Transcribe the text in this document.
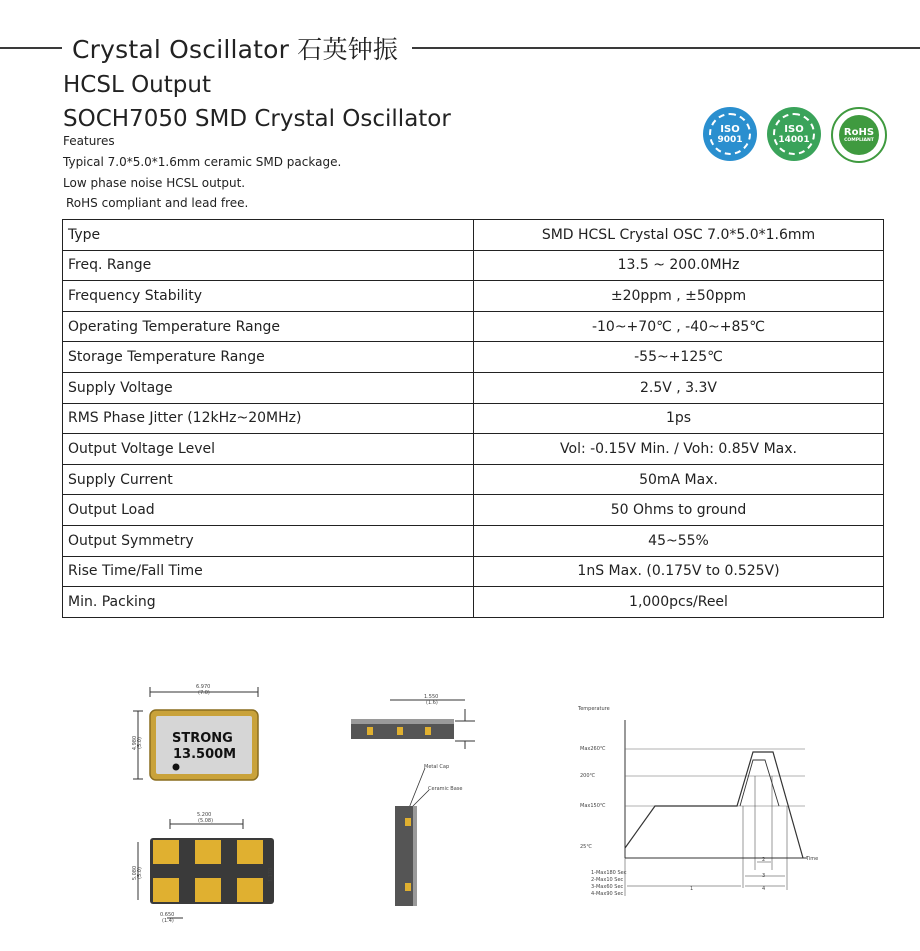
Crystal Oscillator 石英钟振
HCSL Output
SOCH7050 SMD Crystal Oscillator
Features
Typical 7.0*5.0*1.6mm ceramic SMD package.
Low phase noise HCSL output.
RoHS compliant and lead free.
ISO
9001
ISO
14001
RoHS
COMPLIANT
Type	SMD HCSL Crystal OSC 7.0*5.0*1.6mm
Freq. Range	13.5 ~ 200.0MHz
Frequency Stability	±20ppm , ±50ppm
Operating Temperature Range	-10~+70℃ , -40~+85℃
Storage Temperature Range	-55~+125℃
Supply Voltage	2.5V , 3.3V
RMS Phase Jitter (12kHz~20MHz)	1ps
Output Voltage Level	Vol: -0.15V Min. / Voh: 0.85V Max.
Supply Current	50mA Max.
Output Load	50 Ohms to ground
Output Symmetry	45~55%
Rise Time/Fall Time	1nS Max. (0.175V to 0.525V)
Min. Packing	1,000pcs/Reel
6.970
(7.0)
4.980
(5.0) STRONG
13.500M
5.200
(5.08)
5.080
(5.0)	1.170
0.650
(1.4)
1.550
(1.6)
Metal Cap
Ceramic Base
Temperature
Time
Max260℃
200℃
Max150℃
25℃
1-Max180 Sec
2-Max10 Sec
3-Max60 Sec
4-Max90 Sec
1
2
3
4
